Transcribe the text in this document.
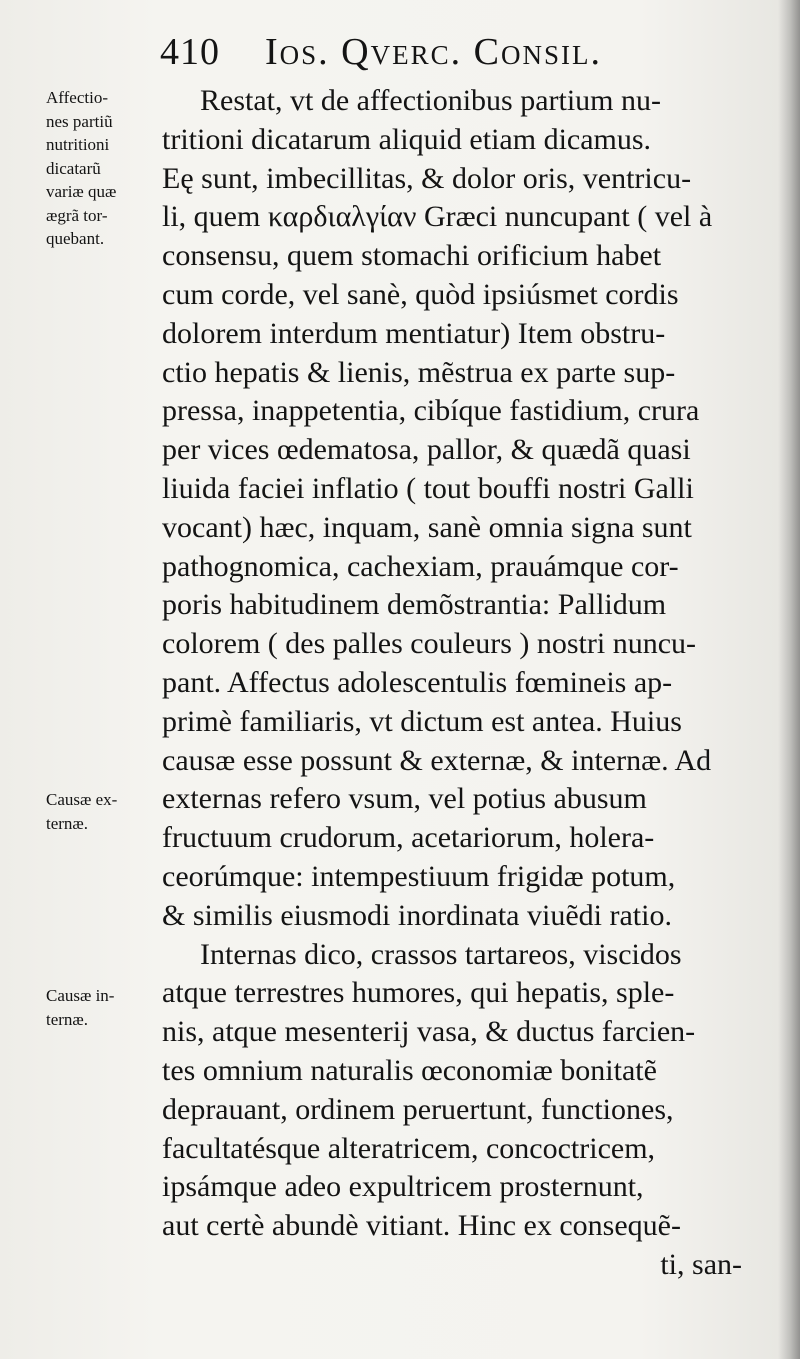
410 Ios. Qverc. Consil.
Affectio-
nes partiũ
nutritioni
dicatarũ
variæ quæ
ægrã tor-
quebant.
Causæ ex-
ternæ.
Causæ in-
ternæ.
Restat, vt de affectionibus partium nu-
tritioni dicatarum aliquid etiam dicamus.
Eę sunt, imbecillitas, & dolor oris, ventricu-
li, quem καρδιαλγίαν Græci nuncupant ( vel à
consensu, quem stomachi orificium habet
cum corde, vel sanè, quòd ipsiúsmet cordis
dolorem interdum mentiatur) Item obstru-
ctio hepatis & lienis, mẽstrua ex parte sup-
pressa, inappetentia, cibíque fastidium, crura
per vices œdematosa, pallor, & quædã quasi
liuida faciei inflatio ( tout bouffi nostri Galli
vocant) hæc, inquam, sanè omnia signa sunt
pathognomica, cachexiam, prauámque cor-
poris habitudinem demõstrantia: Pallidum
colorem ( des palles couleurs ) nostri nuncu-
pant. Affectus adolescentulis fœmineis ap-
primè familiaris, vt dictum est antea. Huius
causæ esse possunt & externæ, & internæ. Ad
externas refero vsum, vel potius abusum
fructuum crudorum, acetariorum, holera-
ceorúmque: intempestiuum frigidæ potum,
& similis eiusmodi inordinata viuẽdi ratio.
Internas dico, crassos tartareos, viscidos
atque terrestres humores, qui hepatis, sple-
nis, atque mesenterij vasa, & ductus farcien-
tes omnium naturalis œconomiæ bonitatẽ
deprauant, ordinem peruertunt, functiones,
facultatésque alteratricem, concoctricem,
ipsámque adeo expultricem prosternunt,
aut certè abundè vitiant. Hinc ex consequẽ-
ti, san-
